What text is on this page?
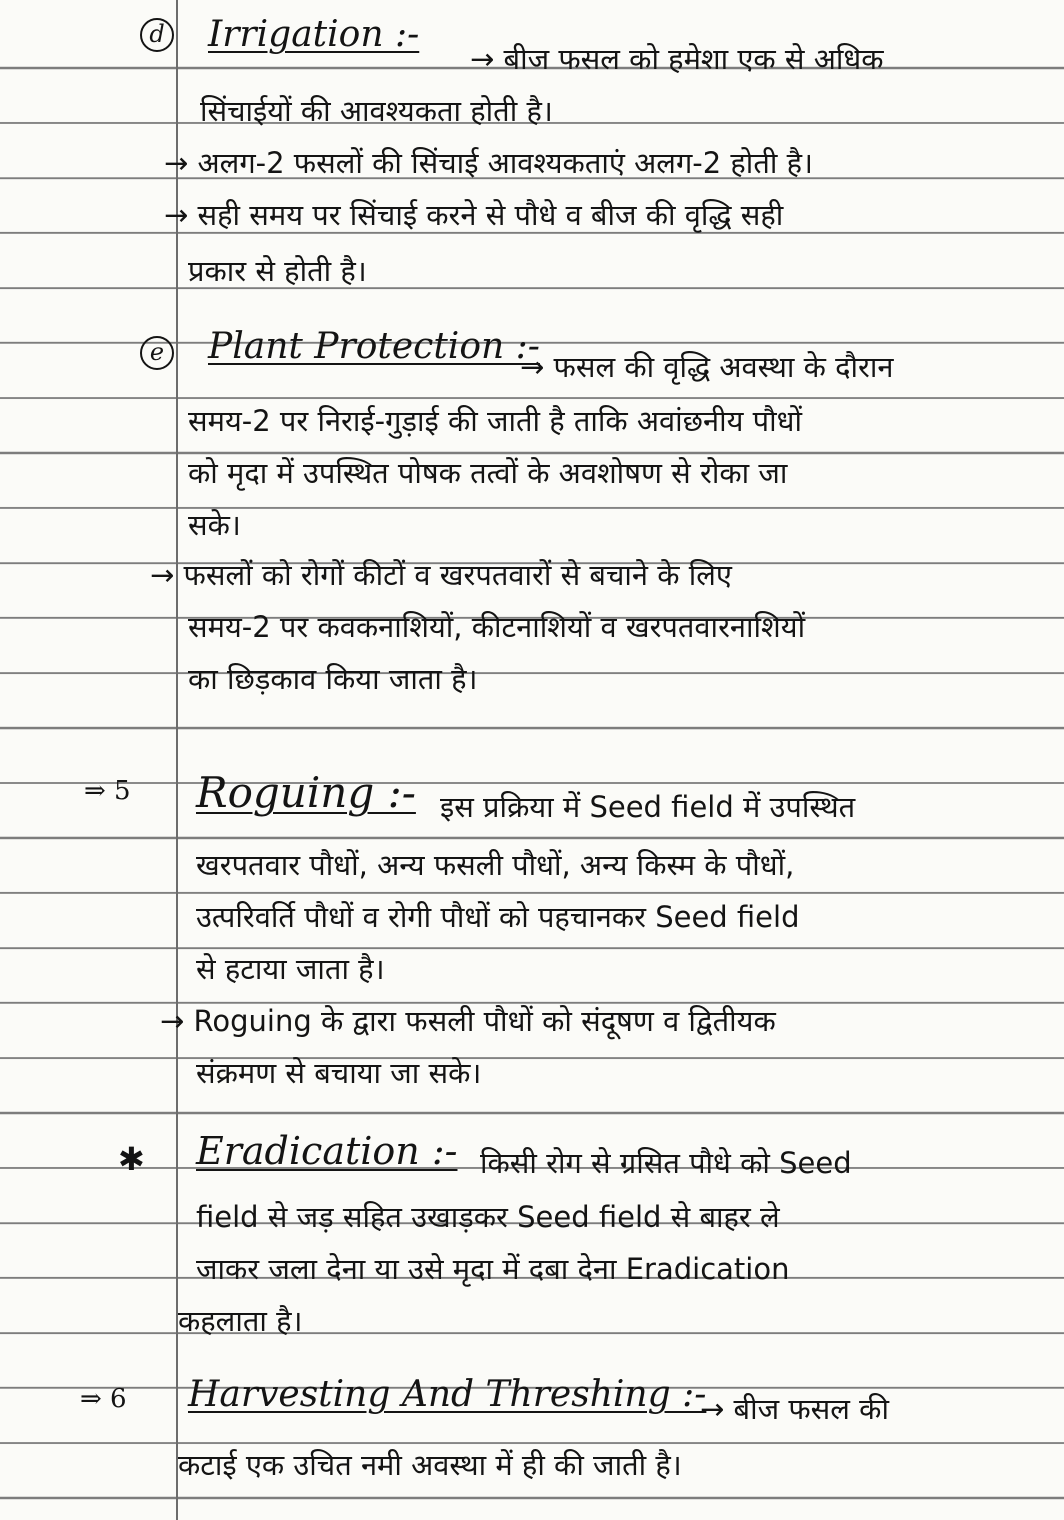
d Irrigation :-
→ बीज फसल को हमेशा एक से अधिक
सिंचाईयों की आवश्यकता होती है।
→ अलग-2 फसलों की सिंचाई आवश्यकताएं अलग-2 होती है।
→ सही समय पर सिंचाई करने से पौधे व बीज की वृद्धि सही
प्रकार से होती है।
e Plant Protection :-
→ फसल की वृद्धि अवस्था के दौरान
समय-2 पर निराई-गुड़ाई की जाती है ताकि अवांछनीय पौधों
को मृदा में उपस्थित पोषक तत्वों के अवशोषण से रोका जा
सके।
→ फसलों को रोगों कीटों व खरपतवारों से बचाने के लिए
समय-2 पर कवकनाशियों, कीटनाशियों व खरपतवारनाशियों
का छिड़काव किया जाता है।
⇒ 5 Roguing :- इस प्रक्रिया में Seed field में उपस्थित
खरपतवार पौधों, अन्य फसली पौधों, अन्य किस्म के पौधों,
उत्परिवर्ति पौधों व रोगी पौधों को पहचानकर Seed field
से हटाया जाता है।
→ Roguing के द्वारा फसली पौधों को संदूषण व द्वितीयक
संक्रमण से बचाया जा सके।
✱ Eradication :- किसी रोग से ग्रसित पौधे को Seed
field से जड़ सहित उखाड़कर Seed field से बाहर ले
जाकर जला देना या उसे मृदा में दबा देना Eradication
कहलाता है।
⇒ 6 Harvesting And Threshing :-
→ बीज फसल की
कटाई एक उचित नमी अवस्था में ही की जाती है।
